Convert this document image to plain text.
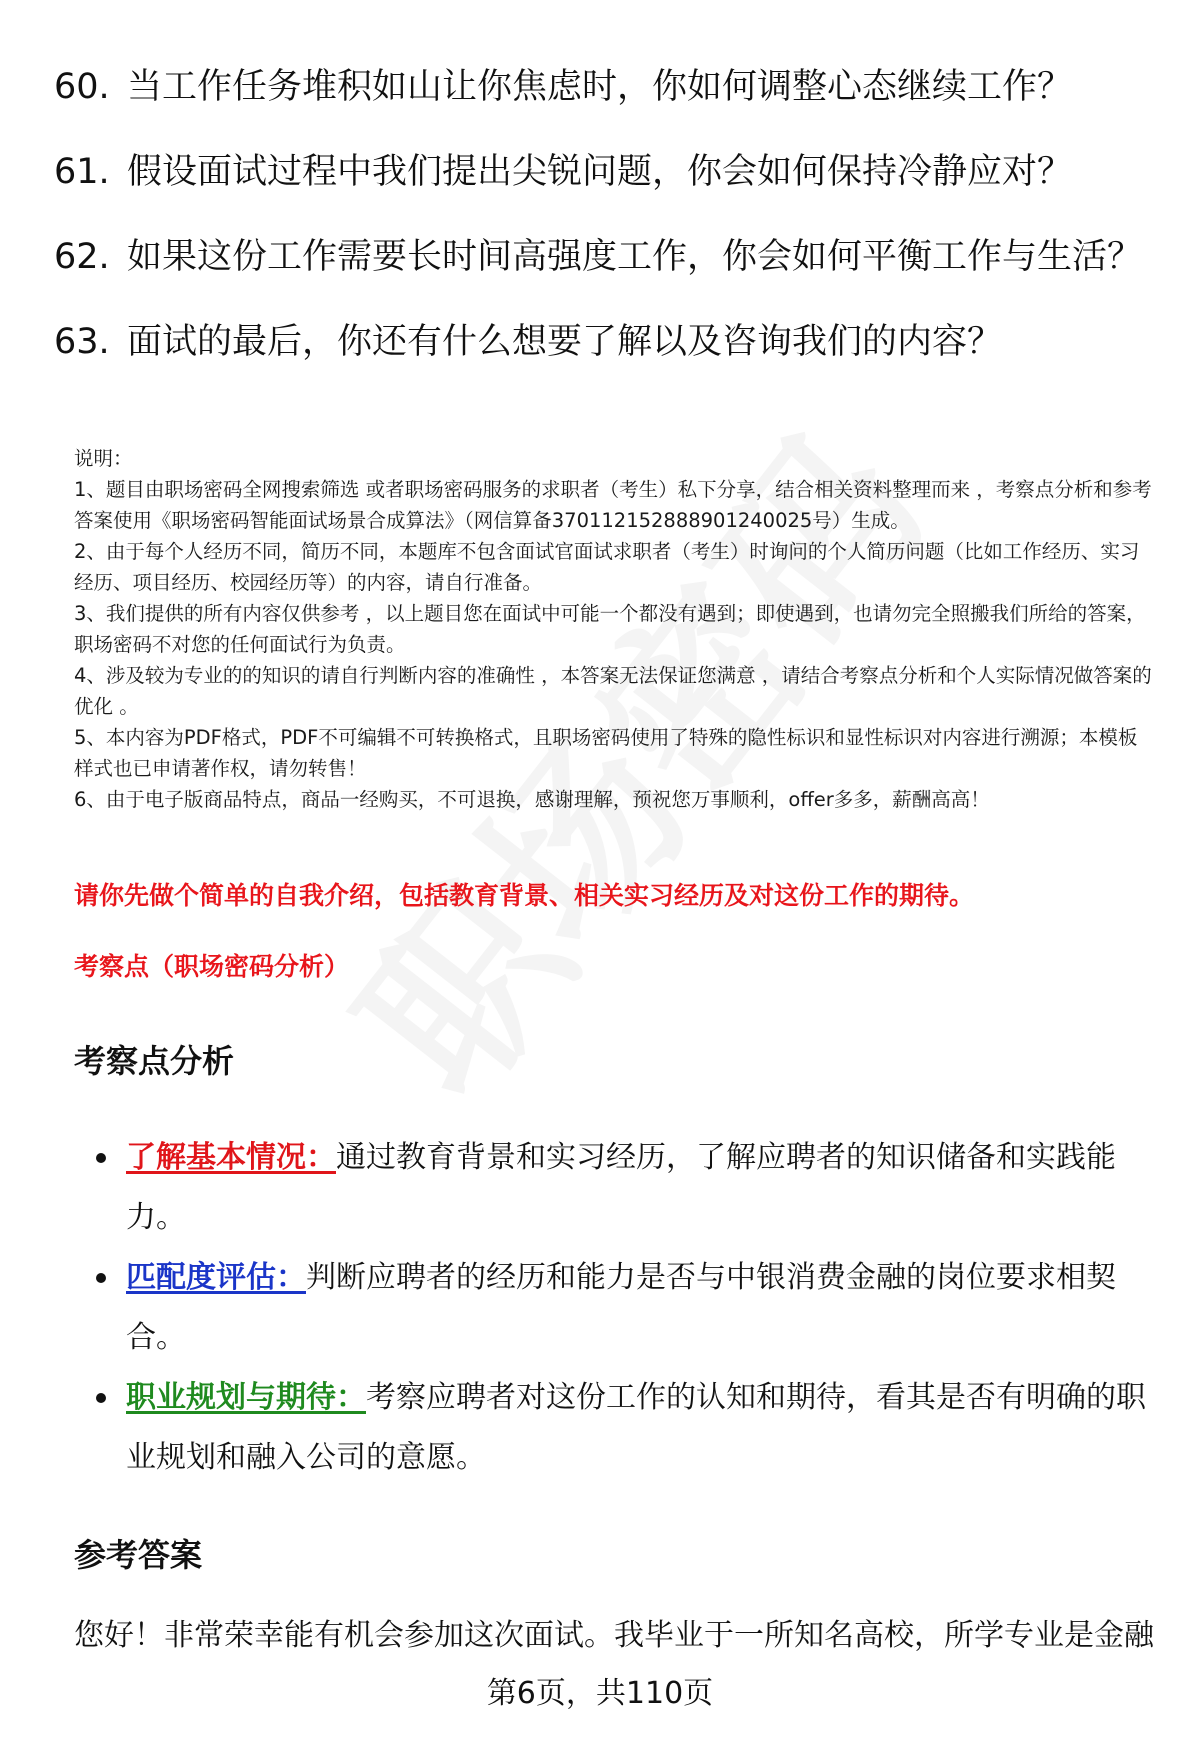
60. 当工作任务堆积如山让你焦虑时，你如何调整心态继续工作？
61. 假设面试过程中我们提出尖锐问题，你会如何保持冷静应对？
62. 如果这份工作需要长时间高强度工作，你会如何平衡工作与生活？
63. 面试的最后，你还有什么想要了解以及咨询我们的内容？
说明：
1、题目由职场密码全网搜索筛选 或者职场密码服务的求职者（考生）私下分享，结合相关资料整理而来 ，考察点分析和参考答案使用《职场密码智能面试场景合成算法》（网信算备370112152888901240025号）生成。
2、由于每个人经历不同，简历不同，本题库不包含面试官面试求职者（考生）时询问的个人简历问题（比如工作经历、实习经历、项目经历、校园经历等）的内容，请自行准备。
3、我们提供的所有内容仅供参考 ，以上题目您在面试中可能一个都没有遇到；即使遇到，也请勿完全照搬我们所给的答案，职场密码不对您的任何面试行为负责。
4、涉及较为专业的的知识的请自行判断内容的准确性 ，本答案无法保证您满意 ，请结合考察点分析和个人实际情况做答案的优化 。
5、本内容为PDF格式，PDF不可编辑不可转换格式，且职场密码使用了特殊的隐性标识和显性标识对内容进行溯源；本模板样式也已申请著作权，请勿转售！
6、由于电子版商品特点，商品一经购买，不可退换，感谢理解，预祝您万事顺利，offer多多，薪酬高高！
请你先做个简单的自我介绍，包括教育背景、相关实习经历及对这份工作的期待。
考察点（职场密码分析）
考察点分析
了解基本情况：通过教育背景和实习经历，了解应聘者的知识储备和实践能力。
匹配度评估：判断应聘者的经历和能力是否与中银消费金融的岗位要求相契合。
职业规划与期待：考察应聘者对这份工作的认知和期待，看其是否有明确的职业规划和融入公司的意愿。
参考答案
您好！非常荣幸能有机会参加这次面试。我毕业于一所知名高校，所学专业是金融
第6页，共110页
